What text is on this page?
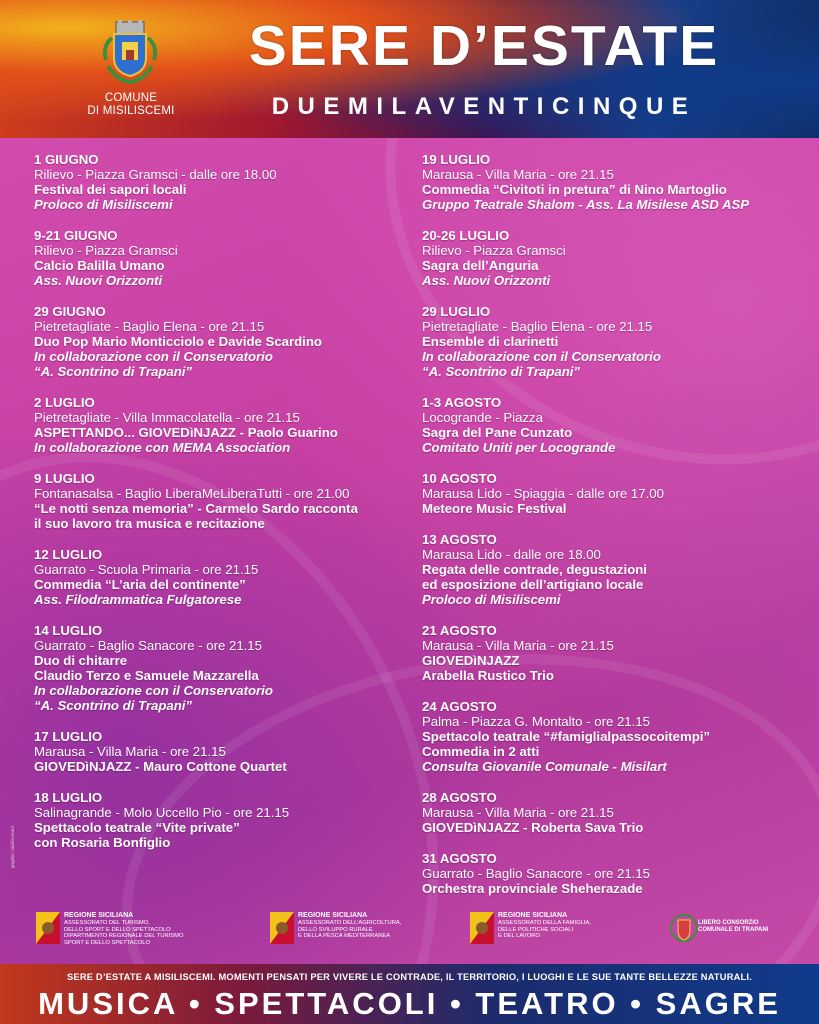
COMUNE
DI MISILISCEMI
SERE D’ESTATE
DUEMILAVENTICINQUE
1 GIUGNO
Rilievo - Piazza Gramsci - dalle ore 18.00
Festival dei sapori locali
Proloco di Misiliscemi
9-21 GIUGNO
Rilievo - Piazza Gramsci
Calcio Balilla Umano
Ass. Nuovi Orizzonti
29 GIUGNO
Pietretagliate - Baglio Elena - ore 21.15
Duo Pop Mario Monticciolo e Davide Scardino
In collaborazione con il Conservatorio
“A. Scontrino di Trapani”
2 LUGLIO
Pietretagliate - Villa Immacolatella - ore 21.15
ASPETTANDO... GIOVEDìNJAZZ - Paolo Guarino
In collaborazione con MEMA Association
9 LUGLIO
Fontanasalsa - Baglio LiberaMeLiberaTutti - ore 21.00
“Le notti senza memoria” - Carmelo Sardo racconta
il suo lavoro tra musica e recitazione
12 LUGLIO
Guarrato - Scuola Primaria - ore 21.15
Commedia “L’aria del continente”
Ass. Filodrammatica Fulgatorese
14 LUGLIO
Guarrato - Baglio Sanacore - ore 21.15
Duo di chitarre
Claudio Terzo e Samuele Mazzarella
In collaborazione con il Conservatorio
“A. Scontrino di Trapani”
17 LUGLIO
Marausa - Villa Maria - ore 21.15
GIOVEDìNJAZZ - Mauro Cottone Quartet
18 LUGLIO
Salinagrande - Molo Uccello Pio - ore 21.15
Spettacolo teatrale “Vite private”
con Rosaria Bonfiglio
19 LUGLIO
Marausa - Villa Maria - ore 21.15
Commedia “Civitoti in pretura” di Nino Martoglio
Gruppo Teatrale Shalom - Ass. La Misilese ASD ASP
20-26 LUGLIO
Rilievo - Piazza Gramsci
Sagra dell’Anguria
Ass. Nuovi Orizzonti
29 LUGLIO
Pietretagliate - Baglio Elena - ore 21.15
Ensemble di clarinetti
In collaborazione con il Conservatorio
“A. Scontrino di Trapani”
1-3 AGOSTO
Locogrande - Piazza
Sagra del Pane Cunzato
Comitato Uniti per Locogrande
10 AGOSTO
Marausa Lido - Spiaggia - dalle ore 17.00
Meteore Music Festival
13 AGOSTO
Marausa Lido - dalle ore 18.00
Regata delle contrade, degustazioni
ed esposizione dell’artigiano locale
Proloco di Misiliscemi
21 AGOSTO
Marausa - Villa Maria - ore 21.15
GIOVEDìNJAZZ
Arabella Rustico Trio
24 AGOSTO
Palma - Piazza G. Montalto - ore 21.15
Spettacolo teatrale “#famiglialpassocoitempi”
Commedia in 2 atti
Consulta Giovanile Comunale - Misilart
28 AGOSTO
Marausa - Villa Maria - ore 21.15
GIOVEDìNJAZZ - Roberta Sava Trio
31 AGOSTO
Guarrato - Baglio Sanacore - ore 21.15
Orchestra provinciale Sheherazade
graphic: misiliscemi.it
REGIONE SICILIANA
ASSESSORATO DEL TURISMO,
DELLO SPORT E DELLO SPETTACOLO
DIPARTIMENTO REGIONALE DEL TURISMO
SPORT E DELLO SPETTACOLO
REGIONE SICILIANA
ASSESSORATO DELL’AGRICOLTURA,
DELLO SVILUPPO RURALE
E DELLA PESCA MEDITERRANEA
REGIONE SICILIANA
ASSESSORATO DELLA FAMIGLIA,
DELLE POLITICHE SOCIALI
E DEL LAVORO
LIBERO CONSORZIO
COMUNALE DI TRAPANI
SERE D’ESTATE A MISILISCEMI. MOMENTI PENSATI PER VIVERE LE CONTRADE, IL TERRITORIO, I LUOGHI E LE SUE TANTE BELLEZZE NATURALI.
MUSICA • SPETTACOLI • TEATRO • SAGRE
